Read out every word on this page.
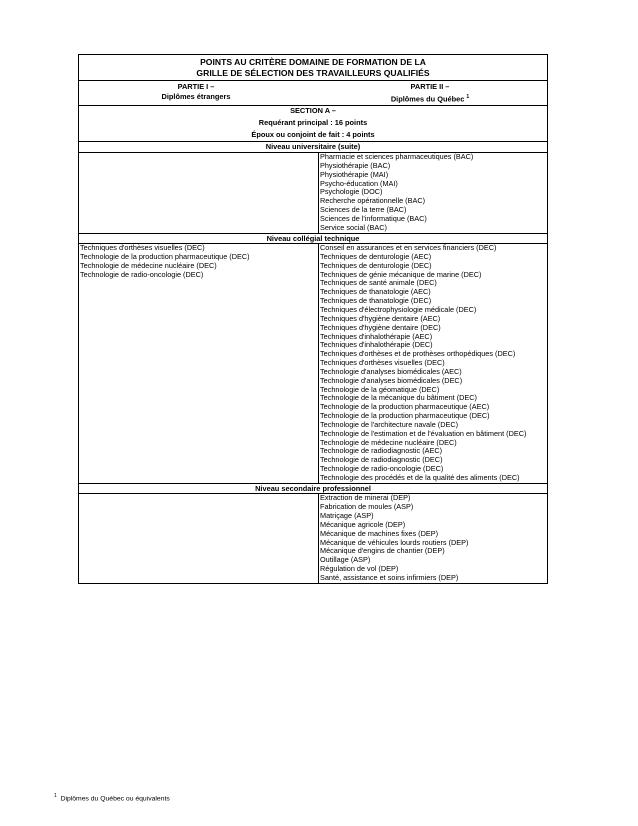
POINTS AU CRITÈRE DOMAINE DE FORMATION DE LA
GRILLE DE SÉLECTION DES TRAVAILLEURS QUALIFIÉS
PARTIE I –
Diplômes étrangers
PARTIE II –
Diplômes du Québec $^1$
SECTION A –
Requérant principal : 16 points
Époux ou conjoint de fait : 4 points
Niveau universitaire (suite)
Pharmacie et sciences pharmaceutiques (BAC)
Physiothérapie (BAC)
Physiothérapie (MAI)
Psycho-éducation (MAI)
Psychologie (DOC)
Recherche opérationnelle (BAC)
Sciences de la terre (BAC)
Sciences de l'informatique (BAC)
Service social (BAC)
Niveau collégial technique
Techniques d'orthèses visuelles (DEC)
Technologie de la production pharmaceutique (DEC)
Technologie de médecine nucléaire (DEC)
Technologie de radio-oncologie (DEC)
Conseil en assurances et en services financiers (DEC)
Techniques de denturologie (AEC)
Techniques de denturologie (DEC)
Techniques de génie mécanique de marine (DEC)
Techniques de santé animale (DEC)
Techniques de thanatologie (AEC)
Techniques de thanatologie (DEC)
Techniques d'électrophysiologie médicale (DEC)
Techniques d'hygiène dentaire (AEC)
Techniques d'hygiène dentaire (DEC)
Techniques d'inhalothérapie (AEC)
Techniques d'inhalothérapie (DEC)
Techniques d'orthèses et de prothèses orthopédiques (DEC)
Techniques d'orthèses visuelles (DEC)
Technologie d'analyses biomédicales (AEC)
Technologie d'analyses biomédicales (DEC)
Technologie de la géomatique (DEC)
Technologie de la mécanique du bâtiment (DEC)
Technologie de la production pharmaceutique (AEC)
Technologie de la production pharmaceutique (DEC)
Technologie de l'architecture navale (DEC)
Technologie de l'estimation et de l'évaluation en bâtiment (DEC)
Technologie de médecine nucléaire (DEC)
Technologie de radiodiagnostic (AEC)
Technologie de radiodiagnostic (DEC)
Technologie de radio-oncologie (DEC)
Technologie des procédés et de la qualité des aliments (DEC)
Niveau secondaire professionnel
Extraction de minerai (DEP)
Fabrication de moules (ASP)
Matriçage (ASP)
Mécanique agricole (DEP)
Mécanique de machines fixes (DEP)
Mécanique de véhicules lourds routiers (DEP)
Mécanique d'engins de chantier (DEP)
Outillage (ASP)
Régulation de vol (DEP)
Santé, assistance et soins infirmiers (DEP)
$^1$ Diplômes du Québec ou équivalents
